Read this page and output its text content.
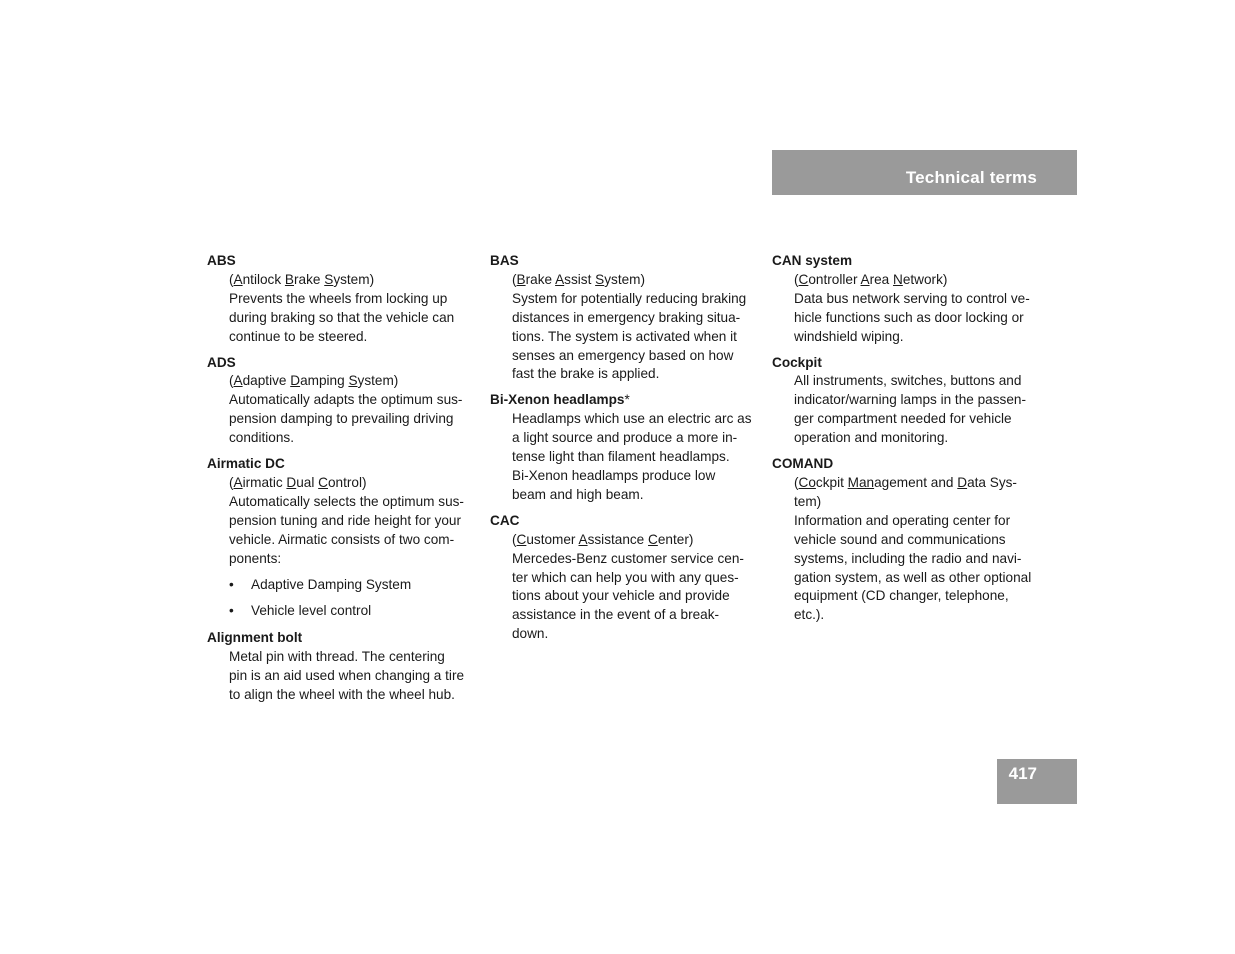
Technical terms

ABS

(Antilock Brake System)

Prevents the wheels from locking up

during braking so that the vehicle can

continue to be steered.

ADS

(Adaptive Damping System)

Automatically adapts the optimum sus-

pension damping to prevailing driving

conditions.

Airmatic DC

(Airmatic Dual Control)

Automatically selects the optimum sus-

pension tuning and ride height for your

vehicle. Airmatic consists of two com-

ponents:

• Adaptive Damping System
• Vehicle level control

Alignment bolt

Metal pin with thread. The centering

pin is an aid used when changing a tire

to align the wheel with the wheel hub.

BAS

(Brake Assist System)

System for potentially reducing braking

distances in emergency braking situa-

tions. The system is activated when it

senses an emergency based on how

fast the brake is applied.

Bi-Xenon headlamps*

Headlamps which use an electric arc as

a light source and produce a more in-

tense light than filament headlamps.

Bi-Xenon headlamps produce low

beam and high beam.

CAC

(Customer Assistance Center)

Mercedes-Benz customer service cen-

ter which can help you with any ques-

tions about your vehicle and provide

assistance in the event of a break-

down.

CAN system

(Controller Area Network)

Data bus network serving to control ve-

hicle functions such as door locking or

windshield wiping.

Cockpit

All instruments, switches, buttons and

indicator/warning lamps in the passen-

ger compartment needed for vehicle

operation and monitoring.

COMAND

(Cockpit Management and Data Sys-

tem)

Information and operating center for

vehicle sound and communications

systems, including the radio and navi-

gation system, as well as other optional

equipment (CD changer, telephone,

etc.).

417
